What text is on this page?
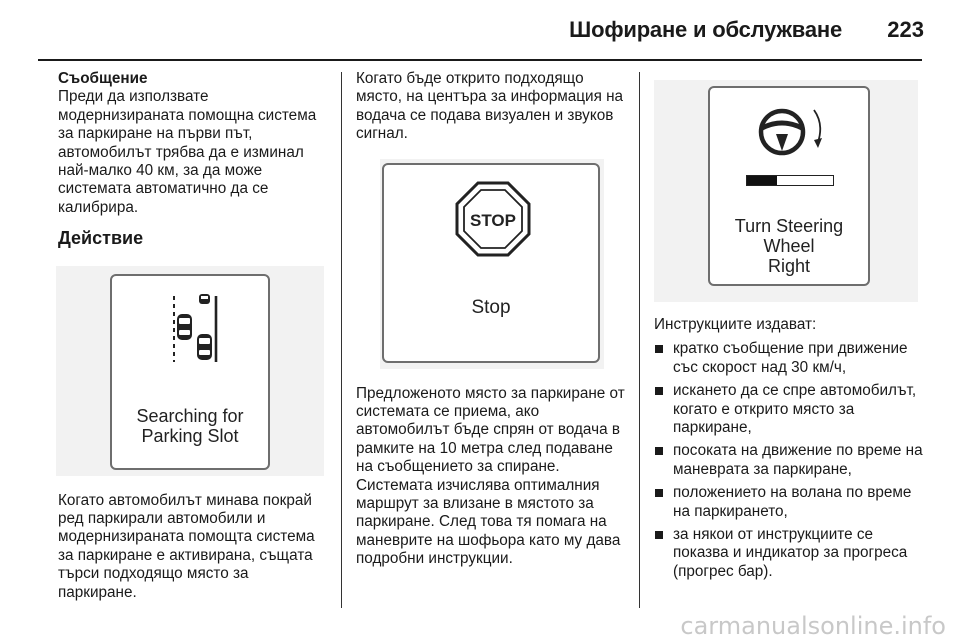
Шофиране и обслужване 223
Съобщение

Преди да използвате модернизираната помощна система за паркиране на първи път, автомобилът трябва да е изминал най-малко 40 км, за да може системата автоматично да се калибрира.

Действие
Searching for
Parking Slot

Когато автомобилът минава покрай ред паркирали автомобили и модернизираната помощта система за паркиране е активирана, същата търси подходящо място за паркиране.

Когато бъде открито подходящо място, на центъра за информация на водача се подава визуален и звуков сигнал.

STOP
Stop

Предложеното място за паркиране от системата се приема, ако автомобилът бъде спрян от водача в рамките на 10 метра след подаване на съобщението за спиране. Системата изчислява оптималния маршрут за влизане в мястото за паркиране. След това тя помага на маневрите на шофьора като му дава подробни инструкции.

Turn Steering
Wheel
Right

Инструкциите издават:

кратко съобщение при движение със скорост над 30 км/ч,
искането да се спре автомобилът, когато е открито място за паркиране,
посоката на движение по време на маневрата за паркиране,
положението на волана по време на паркирането,
за някои от инструкциите се показва и индикатор за прогреса (прогрес бар).
carmanualsonline.info
